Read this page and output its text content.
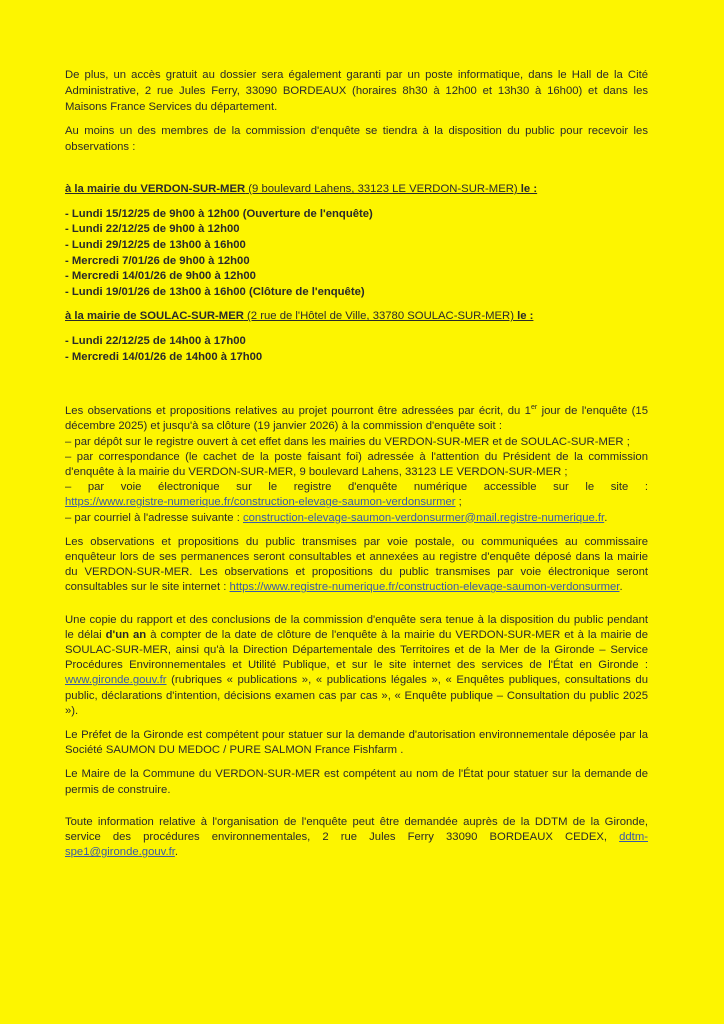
De plus, un accès gratuit au dossier sera également garanti par un poste informatique, dans le Hall de la Cité Administrative, 2 rue Jules Ferry, 33090 BORDEAUX (horaires 8h30 à 12h00 et 13h30 à 16h00) et dans les Maisons France Services du département.

Au moins un des membres de la commission d'enquête se tiendra à la disposition du public pour recevoir les observations :

à la mairie du VERDON-SUR-MER (9 boulevard Lahens, 33123 LE VERDON-SUR-MER) le :

- Lundi 15/12/25 de 9h00 à 12h00 (Ouverture de l'enquête)
- Lundi 22/12/25 de 9h00 à 12h00
- Lundi 29/12/25 de 13h00 à 16h00
- Mercredi 7/01/26 de 9h00 à 12h00
- Mercredi 14/01/26 de 9h00 à 12h00
- Lundi 19/01/26 de 13h00 à 16h00 (Clôture de l'enquête)

à la mairie de SOULAC-SUR-MER (2 rue de l'Hôtel de Ville, 33780 SOULAC-SUR-MER) le :

- Lundi 22/12/25 de 14h00 à 17h00
- Mercredi 14/01/26 de 14h00 à 17h00

Les observations et propositions relatives au projet pourront être adressées par écrit, du 1er jour de l'enquête (15 décembre 2025) et jusqu'à sa clôture (19 janvier 2026) à la commission d'enquête soit :

– par dépôt sur le registre ouvert à cet effet dans les mairies du VERDON-SUR-MER et de SOULAC-SUR-MER ;

– par correspondance (le cachet de la poste faisant foi) adressée à l'attention du Président de la commission d'enquête à la mairie du VERDON-SUR-MER, 9 boulevard Lahens, 33123 LE VERDON-SUR-MER ;

– par voie électronique sur le registre d'enquête numérique accessible sur le site :

https://www.registre-numerique.fr/construction-elevage-saumon-verdonsurmer ;

– par courriel à l'adresse suivante : construction-elevage-saumon-verdonsurmer@mail.registre-numerique.fr.

Les observations et propositions du public transmises par voie postale, ou communiquées au commissaire enquêteur lors de ses permanences seront consultables et annexées au registre d'enquête déposé dans la mairie du VERDON-SUR-MER. Les observations et propositions du public transmises par voie électronique seront consultables sur le site internet : https://www.registre-numerique.fr/construction-elevage-saumon-verdonsurmer.

Une copie du rapport et des conclusions de la commission d'enquête sera tenue à la disposition du public pendant le délai d'un an à compter de la date de clôture de l'enquête à la mairie du VERDON-SUR-MER et à la mairie de SOULAC-SUR-MER, ainsi qu'à la Direction Départementale des Territoires et de la Mer de la Gironde – Service Procédures Environnementales et Utilité Publique, et sur le site internet des services de l'État en Gironde : www.gironde.gouv.fr (rubriques « publications », « publications légales », « Enquêtes publiques, consultations du public, déclarations d'intention, décisions examen cas par cas », « Enquête publique – Consultation du public 2025 »).

Le Préfet de la Gironde est compétent pour statuer sur la demande d'autorisation environnementale déposée par la Société SAUMON DU MEDOC / PURE SALMON France Fishfarm .

Le Maire de la Commune du VERDON-SUR-MER est compétent au nom de l'État pour statuer sur la demande de permis de construire.

Toute information relative à l'organisation de l'enquête peut être demandée auprès de la DDTM de la Gironde, service des procédures environnementales, 2 rue Jules Ferry 33090 BORDEAUX CEDEX, ddtm-spe1@gironde.gouv.fr.
